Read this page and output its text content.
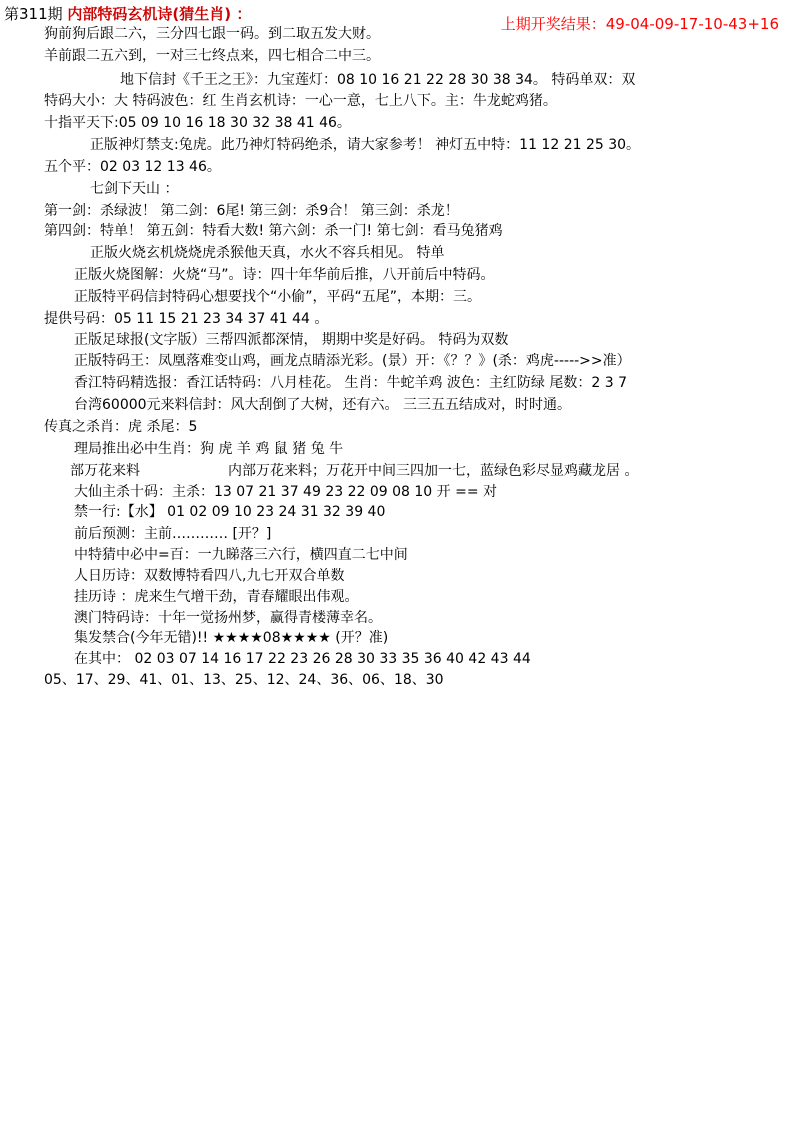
第311期 内部特码玄机诗(猜生肖) ：
上期开奖结果：49-04-09-17-10-43+16
狗前狗后跟二六，三分四七跟一码。到二取五发大财。
羊前跟二五六到，一对三七终点来，四七相合二中三。
地下信封《千王之王》：九宝莲灯：08 10 16 21 22 28 30 38 34。 特码单双：双
特码大小：大 特码波色：红 生肖玄机诗：一心一意，七上八下。主：牛龙蛇鸡猪。
十指平天下:05 09 10 16 18 30 32 38 41 46。
正版神灯禁支:兔虎。此乃神灯特码绝杀，请大家参考！ 神灯五中特：11 12 21 25 30。
五个平：02 03 12 13 46。
七剑下天山 ：
第一剑：杀绿波！ 第二剑：6尾! 第三剑：杀9合！ 第三剑：杀龙！
第四剑：特单！ 第五剑：特看大数! 第六剑：杀一门! 第七剑：看马兔猪鸡
正版火烧玄机烧烧虎杀猴他天真，水火不容兵相见。 特单
正版火烧图解：火烧“马”。诗：四十年华前后推，八开前后中特码。
正版特平码信封特码心想要找个“小偷”，平码“五尾”，本期：三。
提供号码：05 11 15 21 23 34 37 41 44 。
正版足球报(文字版）三帮四派都深情， 期期中奖是好码。 特码为双数
正版特码王：凤凰落难变山鸡，画龙点睛添光彩。(景）开：《？？》(杀：鸡虎----->>准）
香江特码精选报：香江话特码：八月桂花。 生肖：牛蛇羊鸡 波色：主红防绿 尾数：2 3 7
台湾60000元来料信封：风大刮倒了大树，还有六。 三三五五结成对，时时通。
传真之杀肖：虎 杀尾：5
理局推出必中生肖：狗 虎 羊 鸡 鼠 猪 兔 牛
部万花来料	内部万花来料；万花开中间三四加一七，蓝绿色彩尽显鸡藏龙居 。
大仙主杀十码：主杀：13 07 21 37 49 23 22 09 08 10 开 == 对
禁一行:【水】 01 02 09 10 23 24 31 32 39 40
前后预测：主前………… [开？]
中特猜中必中=百：一九睇落三六行，横四直二七中间
人日历诗：双数博特看四八,九七开双合单数
挂历诗 ：虎来生气增干劲，青春耀眼出伟观。
澳门特码诗：十年一觉扬州梦，赢得青楼薄幸名。
集发禁合(今年无错)!! ★★★★08★★★★ (开？准)
在其中： 02 03 07 14 16 17 22 23 26 28 30 33 35 36 40 42 43 44
05、17、29、41、01、13、25、12、24、36、06、18、30
